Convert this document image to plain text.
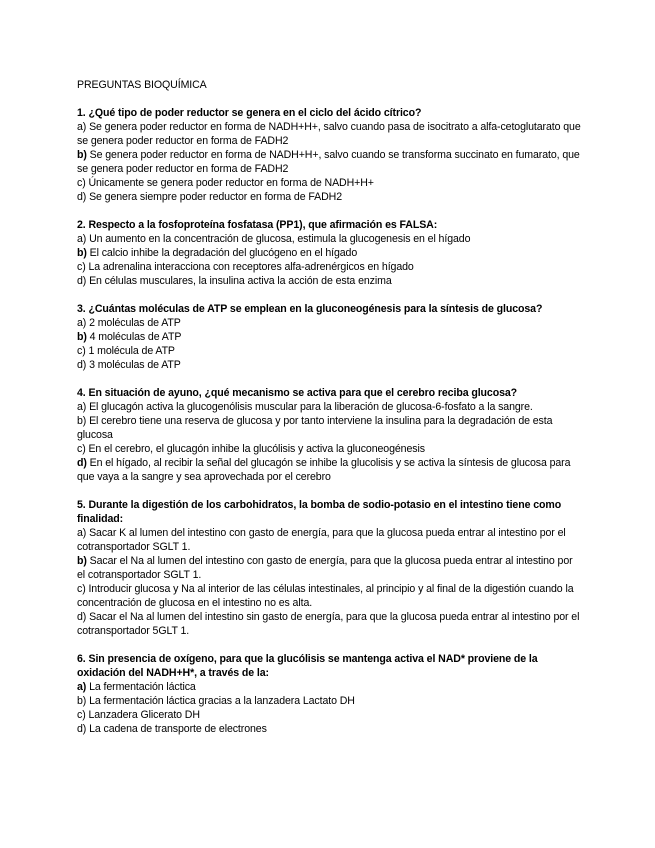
PREGUNTAS BIOQUÍMICA
1. ¿Qué tipo de poder reductor se genera en el ciclo del ácido cítrico?
a) Se genera poder reductor en forma de NADH+H+, salvo cuando pasa de isocitrato a alfa-cetoglutarato que se genera poder reductor en forma de FADH2
b) Se genera poder reductor en forma de NADH+H+, salvo cuando se transforma succinato en fumarato, que se genera poder reductor en forma de FADH2
c) Únicamente se genera poder reductor en forma de NADH+H+
d) Se genera siempre poder reductor en forma de FADH2
2. Respecto a la fosfoproteína fosfatasa (PP1), que afirmación es FALSA:
a) Un aumento en la concentración de glucosa, estimula la glucogenesis en el hígado
b) El calcio inhibe la degradación del glucógeno en el hígado
c) La adrenalina interacciona con receptores alfa-adrenérgicos en hígado
d) En células musculares, la insulina activa la acción de esta enzima
3. ¿Cuántas moléculas de ATP se emplean en la gluconeogénesis para la síntesis de glucosa?
a) 2 moléculas de ATP
b) 4 moléculas de ATP
c) 1 molécula de ATP
d) 3 moléculas de ATP
4. En situación de ayuno, ¿qué mecanismo se activa para que el cerebro reciba glucosa?
a) El glucagón activa la glucogenólisis muscular para la liberación de glucosa-6-fosfato a la sangre.
b) El cerebro tiene una reserva de glucosa y por tanto interviene la insulina para la degradación de esta glucosa
c) En el cerebro, el glucagón inhibe la glucólisis y activa la gluconeogénesis
d) En el hígado, al recibir la señal del glucagón se inhibe la glucolisis y se activa la síntesis de glucosa para que vaya a la sangre y sea aprovechada por el cerebro
5. Durante la digestión de los carbohidratos, la bomba de sodio-potasio en el intestino tiene como finalidad:
a) Sacar K al lumen del intestino con gasto de energía, para que la glucosa pueda entrar al intestino por el cotransportador SGLT 1.
b) Sacar el Na al lumen del intestino con gasto de energía, para que la glucosa pueda entrar al intestino por el cotransportador SGLT 1.
c) Introducir glucosa y Na al interior de las células intestinales, al principio y al final de la digestión cuando la concentración de glucosa en el intestino no es alta.
d) Sacar el Na al lumen del intestino sin gasto de energía, para que la glucosa pueda entrar al intestino por el cotransportador 5GLT 1.
6. Sin presencia de oxígeno, para que la glucólisis se mantenga activa el NAD* proviene de la oxidación del NADH+H*, a través de la:
a) La fermentación láctica
b) La fermentación láctica gracias a la lanzadera Lactato DH
c) Lanzadera Glicerato DH
d) La cadena de transporte de electrones
